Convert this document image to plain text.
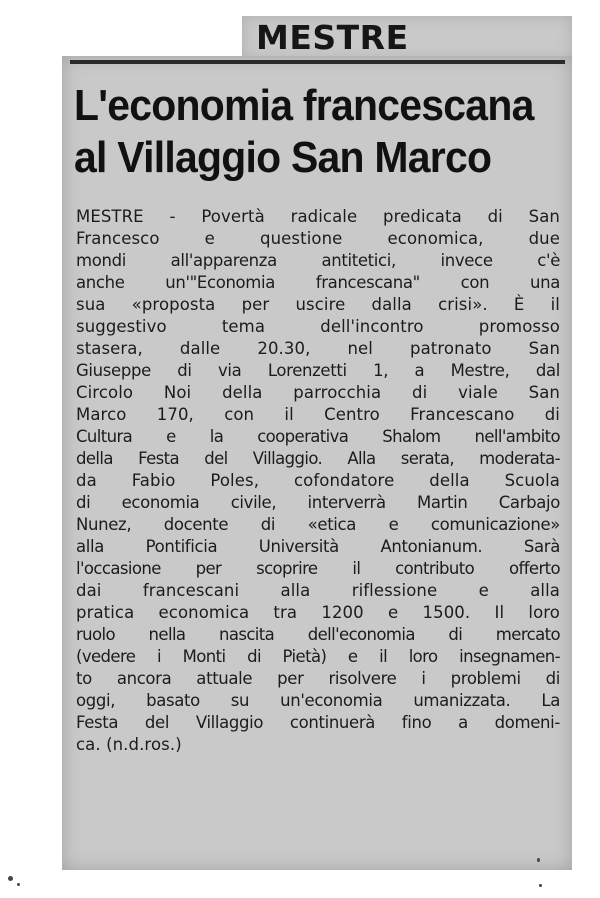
MESTRE
L'economia francescana
al Villaggio San Marco
MESTRE - Povertà radicale predicata di San
Francesco e questione economica, due
mondi all'apparenza antitetici, invece c'è
anche un'"Economia francescana" con una
sua «proposta per uscire dalla crisi». È il
suggestivo tema dell'incontro promosso
stasera, dalle 20.30, nel patronato San
Giuseppe di via Lorenzetti 1, a Mestre, dal
Circolo Noi della parrocchia di viale San
Marco 170, con il Centro Francescano di
Cultura e la cooperativa Shalom nell'ambito
della Festa del Villaggio. Alla serata, moderata-
da Fabio Poles, cofondatore della Scuola
di economia civile, interverrà Martin Carbajo
Nunez, docente di «etica e comunicazione»
alla Pontificia Università Antonianum. Sarà
l'occasione per scoprire il contributo offerto
dai francescani alla riflessione e alla
pratica economica tra 1200 e 1500. Il loro
ruolo nella nascita dell'economia di mercato
(vedere i Monti di Pietà) e il loro insegnamen-
to ancora attuale per risolvere i problemi di
oggi, basato su un'economia umanizzata. La
Festa del Villaggio continuerà fino a domeni-
ca. (n.d.ros.)
